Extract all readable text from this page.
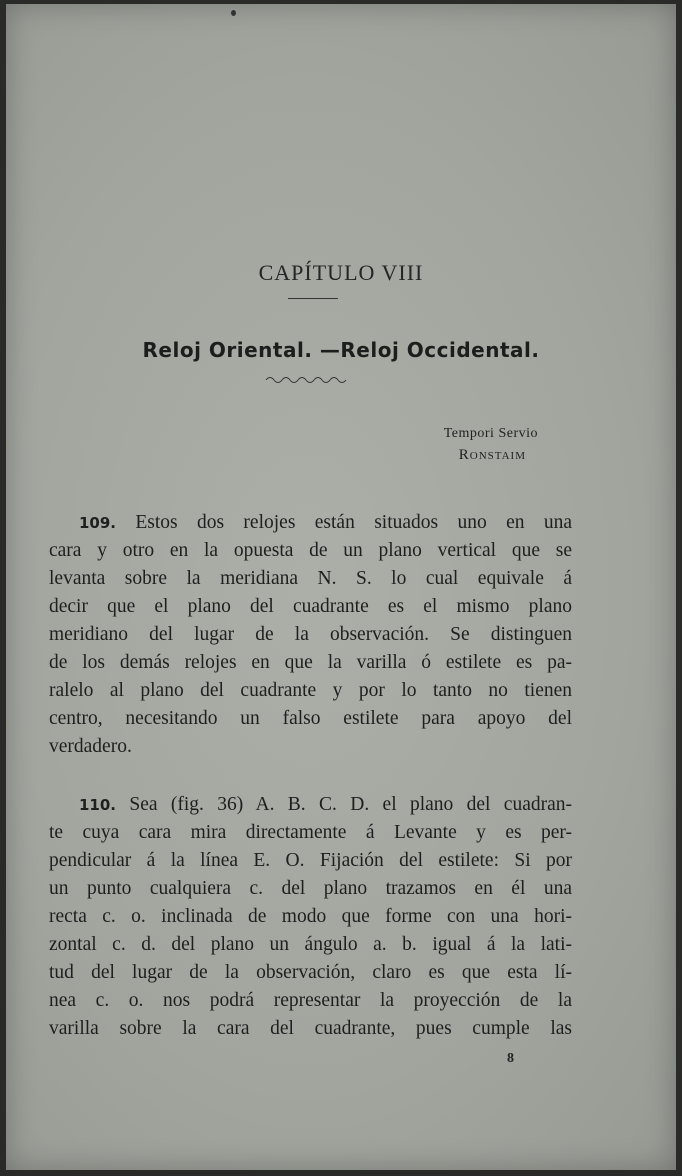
CAPÍTULO VIII
Reloj Oriental. —Reloj Occidental.
Tempori Servio
Ronstaim
109. Estos dos relojes están situados uno en una
cara y otro en la opuesta de un plano vertical que se
levanta sobre la meridiana N. S. lo cual equivale á
decir que el plano del cuadrante es el mismo plano
meridiano del lugar de la observación. Se distinguen
de los demás relojes en que la varilla ó estilete es pa-
ralelo al plano del cuadrante y por lo tanto no tienen
centro, necesitando un falso estilete para apoyo del
verdadero.
110. Sea (fig. 36) A. B. C. D. el plano del cuadran-
te cuya cara mira directamente á Levante y es per-
pendicular á la línea E. O. Fijación del estilete: Si por
un punto cualquiera c. del plano trazamos en él una
recta c. o. inclinada de modo que forme con una hori-
zontal c. d. del plano un ángulo a. b. igual á la lati-
tud del lugar de la observación, claro es que esta lí-
nea c. o. nos podrá representar la proyección de la
varilla sobre la cara del cuadrante, pues cumple las
8
